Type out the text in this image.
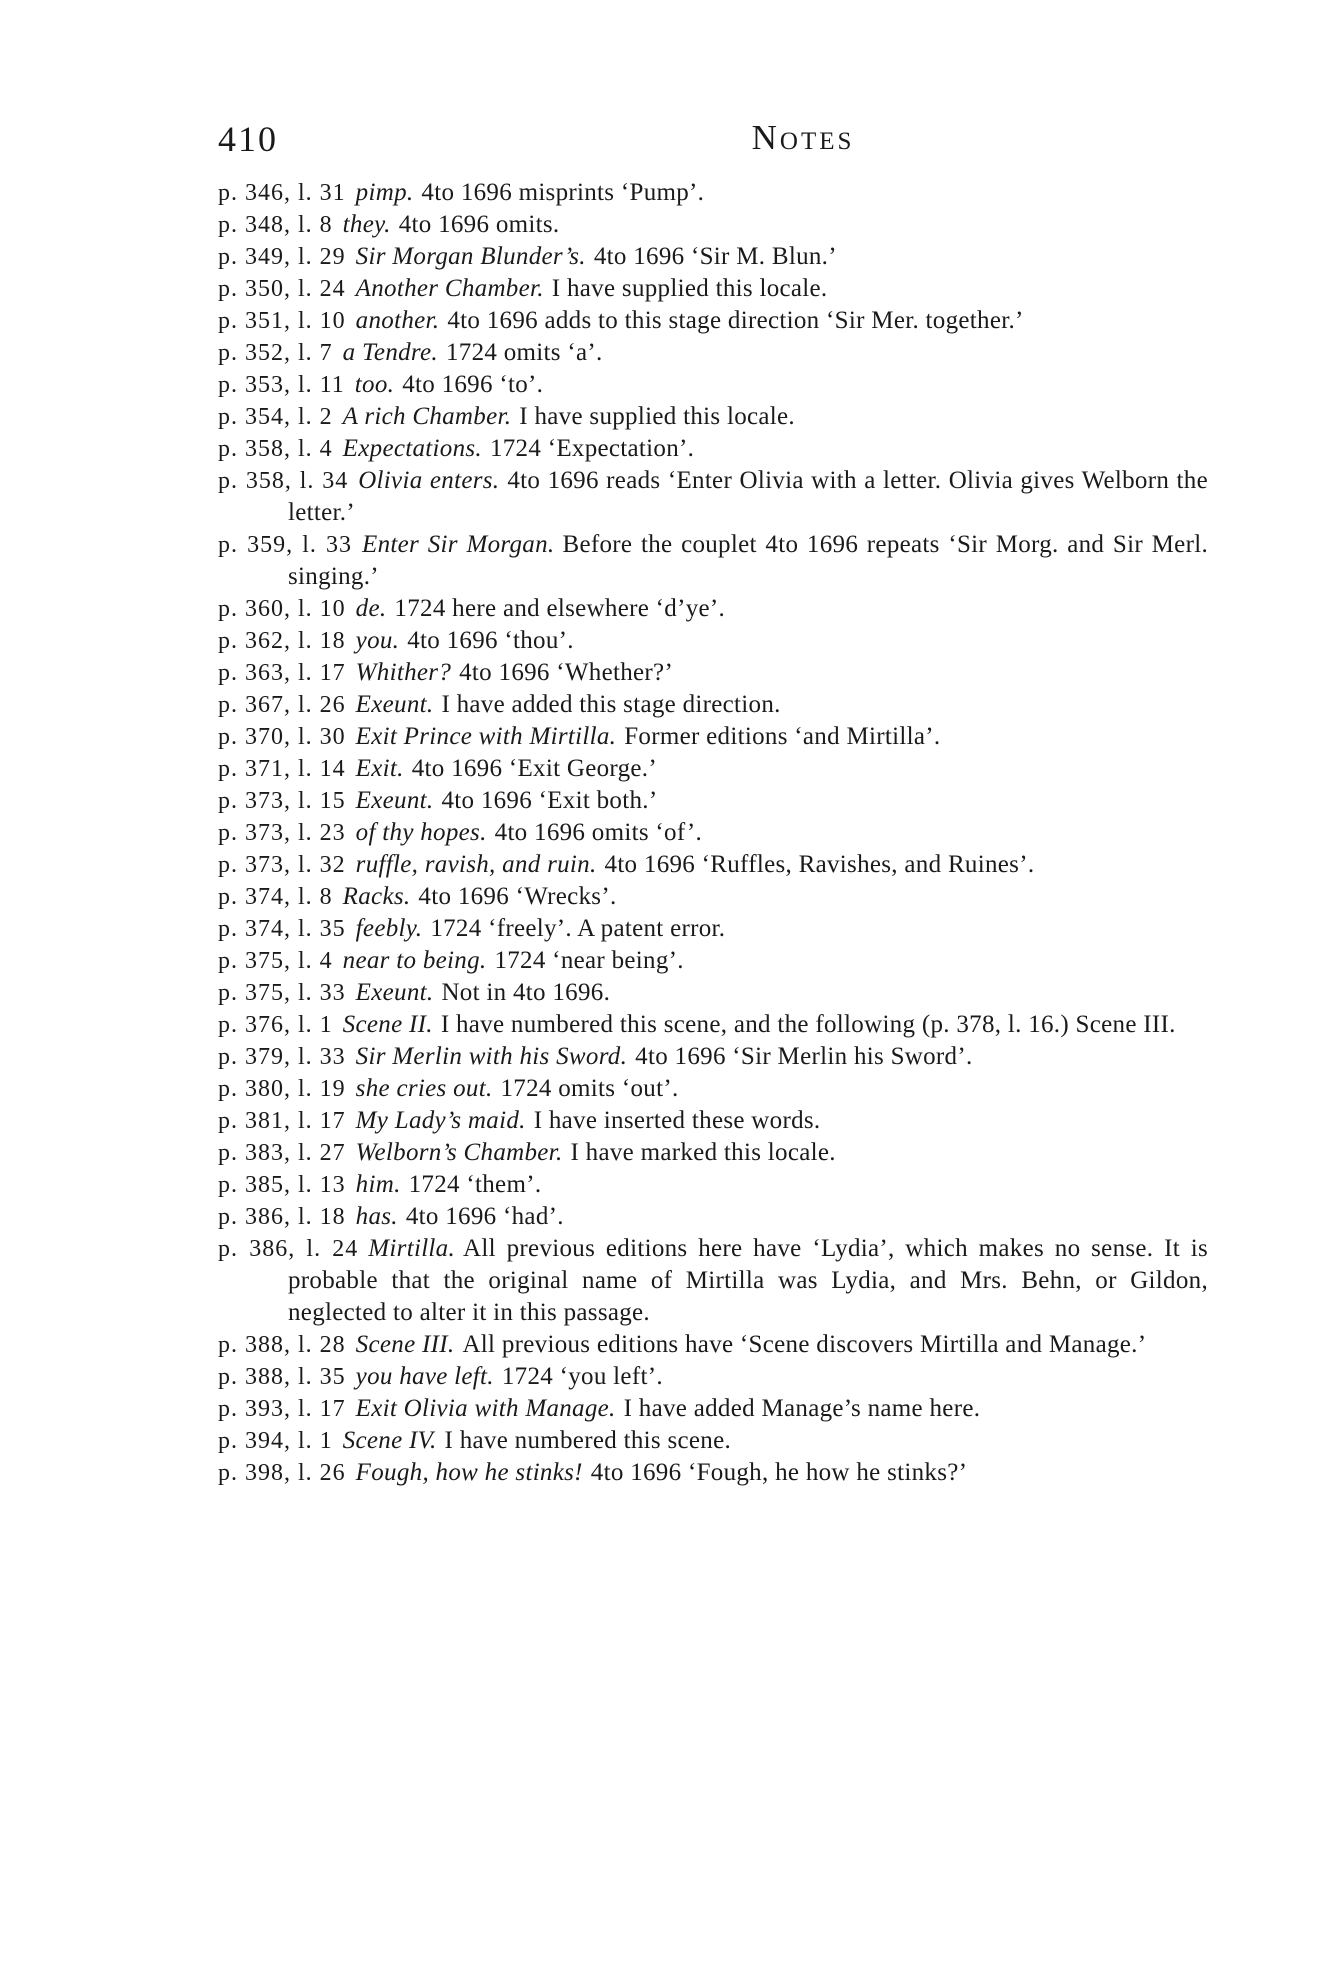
410	Notes
p. 346, l. 31 pimp. 4to 1696 misprints ‘Pump’.
p. 348, l. 8 they. 4to 1696 omits.
p. 349, l. 29 Sir Morgan Blunder’s. 4to 1696 ‘Sir M. Blun.’
p. 350, l. 24 Another Chamber. I have supplied this locale.
p. 351, l. 10 another. 4to 1696 adds to this stage direction ‘Sir Mer. together.’
p. 352, l. 7 a Tendre. 1724 omits ‘a’.
p. 353, l. 11 too. 4to 1696 ‘to’.
p. 354, l. 2 A rich Chamber. I have supplied this locale.
p. 358, l. 4 Expectations. 1724 ‘Expectation’.
p. 358, l. 34 Olivia enters. 4to 1696 reads ‘Enter Olivia with a letter. Olivia gives Welborn the letter.’
p. 359, l. 33 Enter Sir Morgan. Before the couplet 4to 1696 repeats ‘Sir Morg. and Sir Merl. singing.’
p. 360, l. 10 de. 1724 here and elsewhere ‘d’ye’.
p. 362, l. 18 you. 4to 1696 ‘thou’.
p. 363, l. 17 Whither? 4to 1696 ‘Whether?’
p. 367, l. 26 Exeunt. I have added this stage direction.
p. 370, l. 30 Exit Prince with Mirtilla. Former editions ‘and Mirtilla’.
p. 371, l. 14 Exit. 4to 1696 ‘Exit George.’
p. 373, l. 15 Exeunt. 4to 1696 ‘Exit both.’
p. 373, l. 23 of thy hopes. 4to 1696 omits ‘of’.
p. 373, l. 32 ruffle, ravish, and ruin. 4to 1696 ‘Ruffles, Ravishes, and Ruines’.
p. 374, l. 8 Racks. 4to 1696 ‘Wrecks’.
p. 374, l. 35 feebly. 1724 ‘freely’. A patent error.
p. 375, l. 4 near to being. 1724 ‘near being’.
p. 375, l. 33 Exeunt. Not in 4to 1696.
p. 376, l. 1 Scene II. I have numbered this scene, and the following (p. 378, l. 16.) Scene III.
p. 379, l. 33 Sir Merlin with his Sword. 4to 1696 ‘Sir Merlin his Sword’.
p. 380, l. 19 she cries out. 1724 omits ‘out’.
p. 381, l. 17 My Lady’s maid. I have inserted these words.
p. 383, l. 27 Welborn’s Chamber. I have marked this locale.
p. 385, l. 13 him. 1724 ‘them’.
p. 386, l. 18 has. 4to 1696 ‘had’.
p. 386, l. 24 Mirtilla. All previous editions here have ‘Lydia’, which makes no sense. It is probable that the original name of Mirtilla was Lydia, and Mrs. Behn, or Gildon, neglected to alter it in this passage.
p. 388, l. 28 Scene III. All previous editions have ‘Scene discovers Mirtilla and Manage.’
p. 388, l. 35 you have left. 1724 ‘you left’.
p. 393, l. 17 Exit Olivia with Manage. I have added Manage’s name here.
p. 394, l. 1 Scene IV. I have numbered this scene.
p. 398, l. 26 Fough, how he stinks! 4to 1696 ‘Fough, he how he stinks?’
